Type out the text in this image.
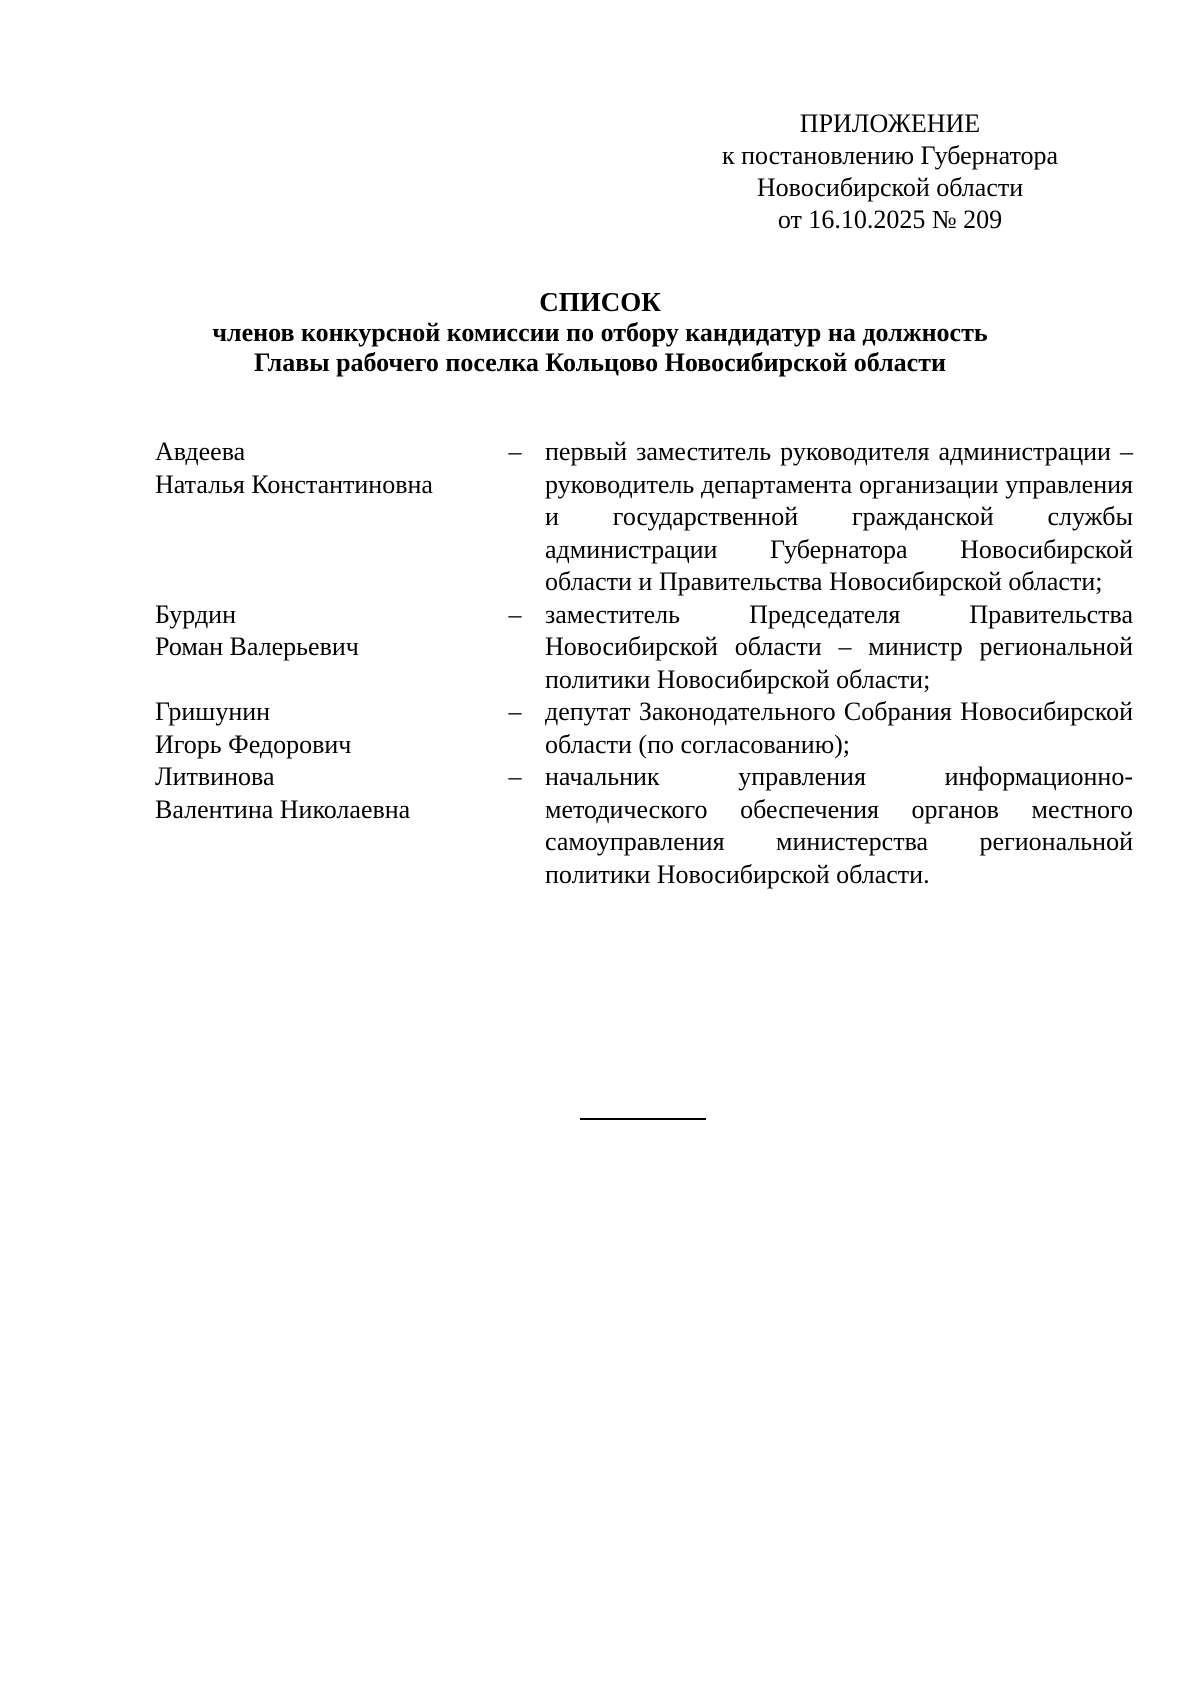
ПРИЛОЖЕНИЕ
к постановлению Губернатора
Новосибирской области
от 16.10.2025 № 209
СПИСОК
членов конкурсной комиссии по отбору кандидатур на должность
Главы рабочего поселка Кольцово Новосибирской области
Авдеева
Наталья Константиновна
– первый заместитель руководителя администрации – руководитель департамента организации управления и государственной гражданской службы администрации Губернатора Новосибирской области и Правительства Новосибирской области;
Бурдин
Роман Валерьевич
– заместитель Председателя Правительства Новосибирской области – министр региональной политики Новосибирской области;
Гришунин
Игорь Федорович
– депутат Законодательного Собрания Новосибирской области (по согласованию);
Литвинова
Валентина Николаевна
– начальник управления информационно-методического обеспечения органов местного самоуправления министерства региональной политики Новосибирской области.
